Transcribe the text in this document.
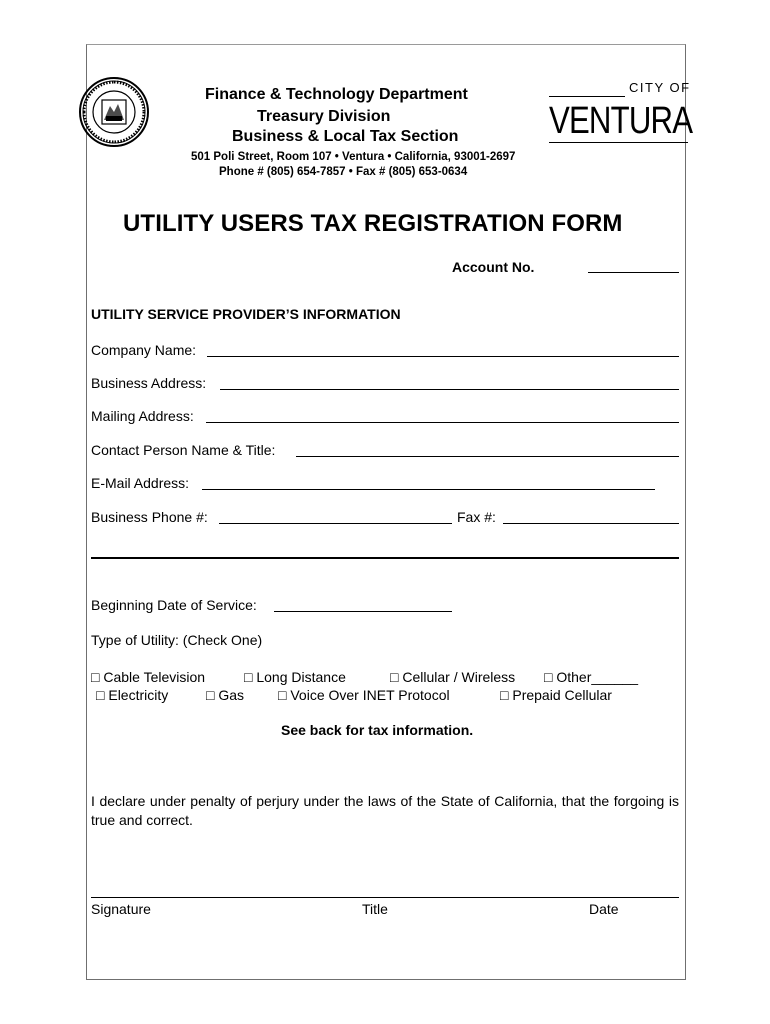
Finance & Technology Department
Treasury Division
Business & Local Tax Section
501 Poli Street, Room 107 • Ventura • California, 93001-2697
Phone # (805) 654-7857 • Fax # (805) 653-0634
CITY OF
VENTURA
UTILITY USERS TAX REGISTRATION FORM
Account No.
UTILITY SERVICE PROVIDER’S INFORMATION
Company Name:
Business Address:
Mailing Address:
Contact Person Name & Title:
E-Mail Address:
Business Phone #:	Fax #:
Beginning Date of Service:
Type of Utility: (Check One)
□ Cable Television	□ Long Distance	□ Cellular / Wireless □ Other______
□ Electricity	□ Gas □ Voice Over INET Protocol	□ Prepaid Cellular
See back for tax information.
I declare under penalty of perjury under the laws of the State of California, that the forgoing is true and correct.
Signature	Title	Date
